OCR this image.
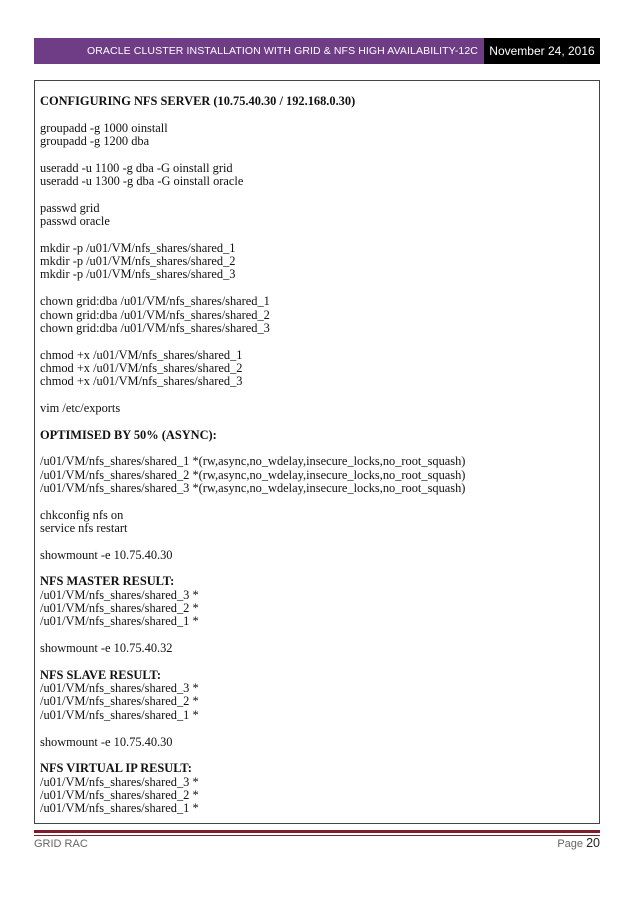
ORACLE CLUSTER INSTALLATION WITH GRID & NFS HIGH AVAILABILITY-12C November 24, 2016
CONFIGURING NFS SERVER (10.75.40.30 / 192.168.0.30)
groupadd -g 1000 oinstall
groupadd -g 1200 dba
useradd -u 1100 -g dba -G oinstall grid
useradd -u 1300 -g dba -G oinstall oracle
passwd grid
passwd oracle
mkdir -p /u01/VM/nfs_shares/shared_1
mkdir -p /u01/VM/nfs_shares/shared_2
mkdir -p /u01/VM/nfs_shares/shared_3
chown grid:dba /u01/VM/nfs_shares/shared_1
chown grid:dba /u01/VM/nfs_shares/shared_2
chown grid:dba /u01/VM/nfs_shares/shared_3
chmod +x /u01/VM/nfs_shares/shared_1
chmod +x /u01/VM/nfs_shares/shared_2
chmod +x /u01/VM/nfs_shares/shared_3
vim /etc/exports
OPTIMISED BY 50% (ASYNC):
/u01/VM/nfs_shares/shared_1 *(rw,async,no_wdelay,insecure_locks,no_root_squash)
/u01/VM/nfs_shares/shared_2 *(rw,async,no_wdelay,insecure_locks,no_root_squash)
/u01/VM/nfs_shares/shared_3 *(rw,async,no_wdelay,insecure_locks,no_root_squash)
chkconfig nfs on
service nfs restart
showmount -e 10.75.40.30
NFS MASTER RESULT:
/u01/VM/nfs_shares/shared_3 *
/u01/VM/nfs_shares/shared_2 *
/u01/VM/nfs_shares/shared_1 *
showmount -e 10.75.40.32
NFS SLAVE RESULT:
/u01/VM/nfs_shares/shared_3 *
/u01/VM/nfs_shares/shared_2 *
/u01/VM/nfs_shares/shared_1 *
showmount -e 10.75.40.30
NFS VIRTUAL IP RESULT:
/u01/VM/nfs_shares/shared_3 *
/u01/VM/nfs_shares/shared_2 *
/u01/VM/nfs_shares/shared_1 *
GRID RAC	Page 20
